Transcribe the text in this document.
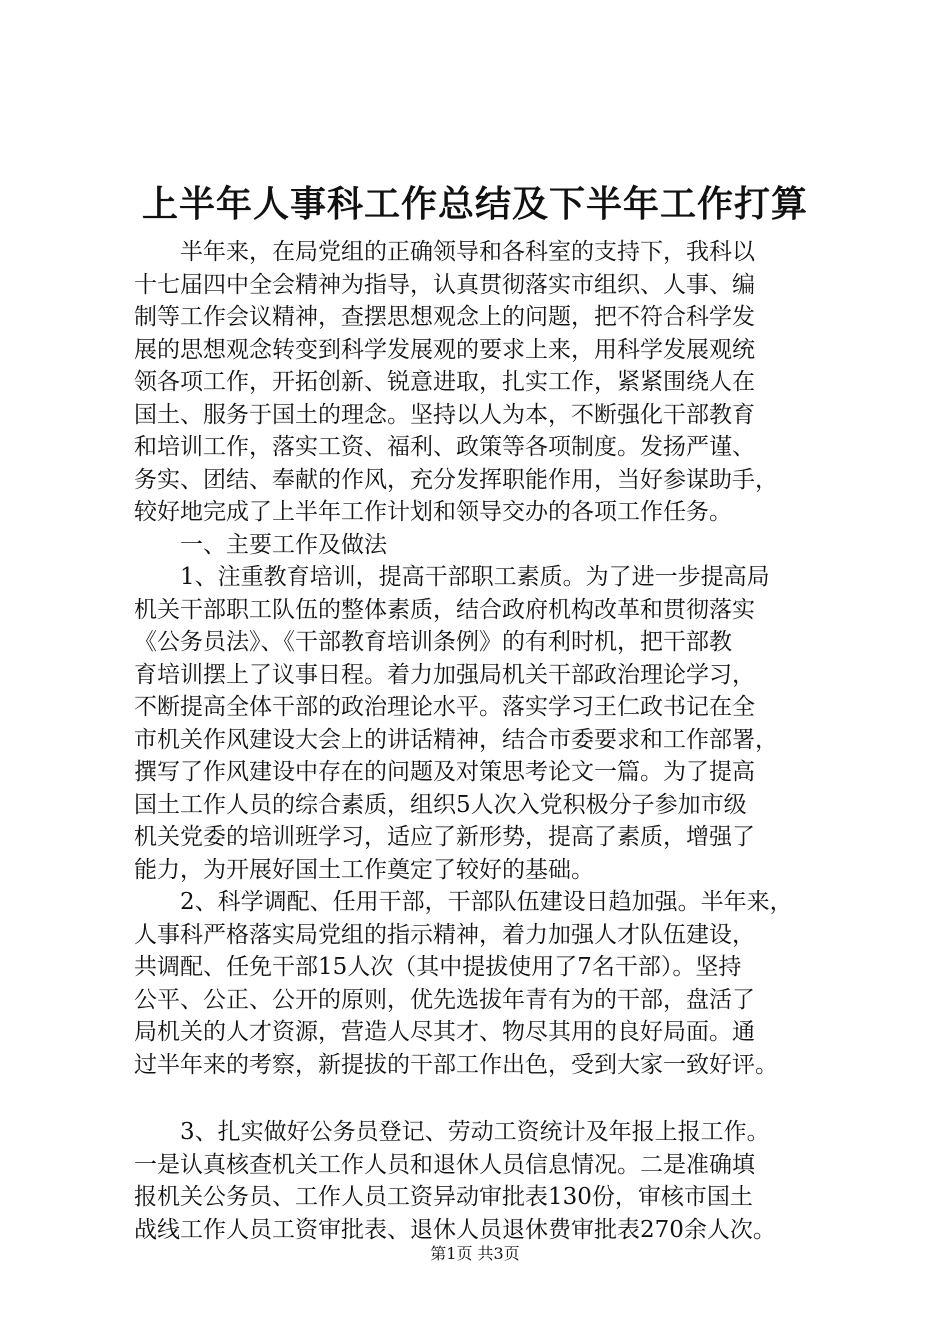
上半年人事科工作总结及下半年工作打算
半年来，在局党组的正确领导和各科室的支持下，我科以
十七届四中全会精神为指导，认真贯彻落实市组织、人事、编
制等工作会议精神，查摆思想观念上的问题，把不符合科学发
展的思想观念转变到科学发展观的要求上来，用科学发展观统
领各项工作，开拓创新、锐意进取，扎实工作，紧紧围绕人在
国土、服务于国土的理念。坚持以人为本，不断强化干部教育
和培训工作，落实工资、福利、政策等各项制度。发扬严谨、
务实、团结、奉献的作风，充分发挥职能作用，当好参谋助手，
较好地完成了上半年工作计划和领导交办的各项工作任务。
一、主要工作及做法
1、注重教育培训，提高干部职工素质。为了进一步提高局
机关干部职工队伍的整体素质，结合政府机构改革和贯彻落实
《公务员法》、《干部教育培训条例》的有利时机，把干部教
育培训摆上了议事日程。着力加强局机关干部政治理论学习，
不断提高全体干部的政治理论水平。落实学习王仁政书记在全
市机关作风建设大会上的讲话精神，结合市委要求和工作部署，
撰写了作风建设中存在的问题及对策思考论文一篇。为了提高
国土工作人员的综合素质，组织5人次入党积极分子参加市级
机关党委的培训班学习，适应了新形势，提高了素质，增强了
能力，为开展好国土工作奠定了较好的基础。
2、科学调配、任用干部，干部队伍建设日趋加强。半年来，
人事科严格落实局党组的指示精神，着力加强人才队伍建设，
共调配、任免干部15人次（其中提拔使用了7名干部）。坚持
公平、公正、公开的原则，优先选拔年青有为的干部，盘活了
局机关的人才资源，营造人尽其才、物尽其用的良好局面。通
过半年来的考察，新提拔的干部工作出色，受到大家一致好评。
3、扎实做好公务员登记、劳动工资统计及年报上报工作。
一是认真核查机关工作人员和退休人员信息情况。二是准确填
报机关公务员、工作人员工资异动审批表130份，审核市国土
战线工作人员工资审批表、退休人员退休费审批表270余人次。
第1页 共3页
